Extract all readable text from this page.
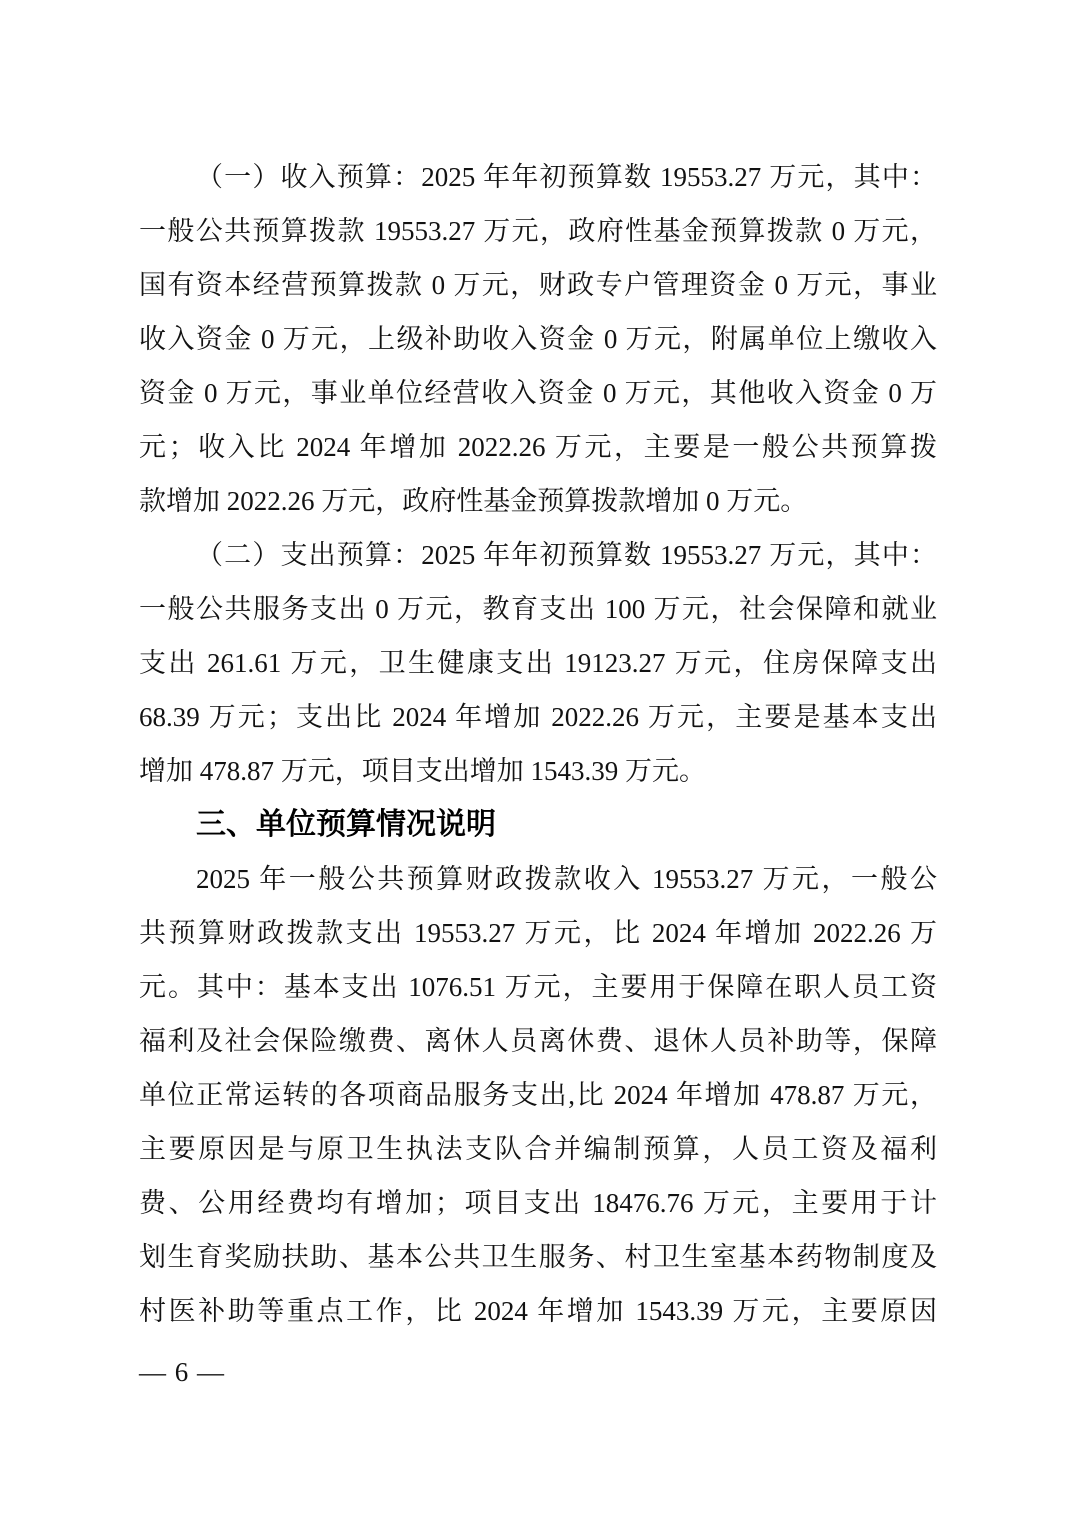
（一）收入预算：2025 年年初预算数 19553.27 万元，其中：
一般公共预算拨款 19553.27 万元，政府性基金预算拨款 0 万元，
国有资本经营预算拨款 0 万元，财政专户管理资金 0 万元，事业
收入资金 0 万元，上级补助收入资金 0 万元，附属单位上缴收入
资金 0 万元，事业单位经营收入资金 0 万元，其他收入资金 0 万
元；收入比 2024 年增加 2022.26 万元，主要是一般公共预算拨
款增加 2022.26 万元，政府性基金预算拨款增加 0 万元。
（二）支出预算：2025 年年初预算数 19553.27 万元，其中：
一般公共服务支出 0 万元，教育支出 100 万元，社会保障和就业
支出 261.61 万元，卫生健康支出 19123.27 万元，住房保障支出
68.39 万元；支出比 2024 年增加 2022.26 万元，主要是基本支出
增加 478.87 万元，项目支出增加 1543.39 万元。
三、单位预算情况说明
2025 年一般公共预算财政拨款收入 19553.27 万元，一般公
共预算财政拨款支出 19553.27 万元，比 2024 年增加 2022.26 万
元。其中：基本支出 1076.51 万元，主要用于保障在职人员工资
福利及社会保险缴费、离休人员离休费、退休人员补助等，保障
单位正常运转的各项商品服务支出,比 2024 年增加 478.87 万元，
主要原因是与原卫生执法支队合并编制预算，人员工资及福利
费、公用经费均有增加；项目支出 18476.76 万元，主要用于计
划生育奖励扶助、基本公共卫生服务、村卫生室基本药物制度及
村医补助等重点工作，比 2024 年增加 1543.39 万元，主要原因
— 6 —
